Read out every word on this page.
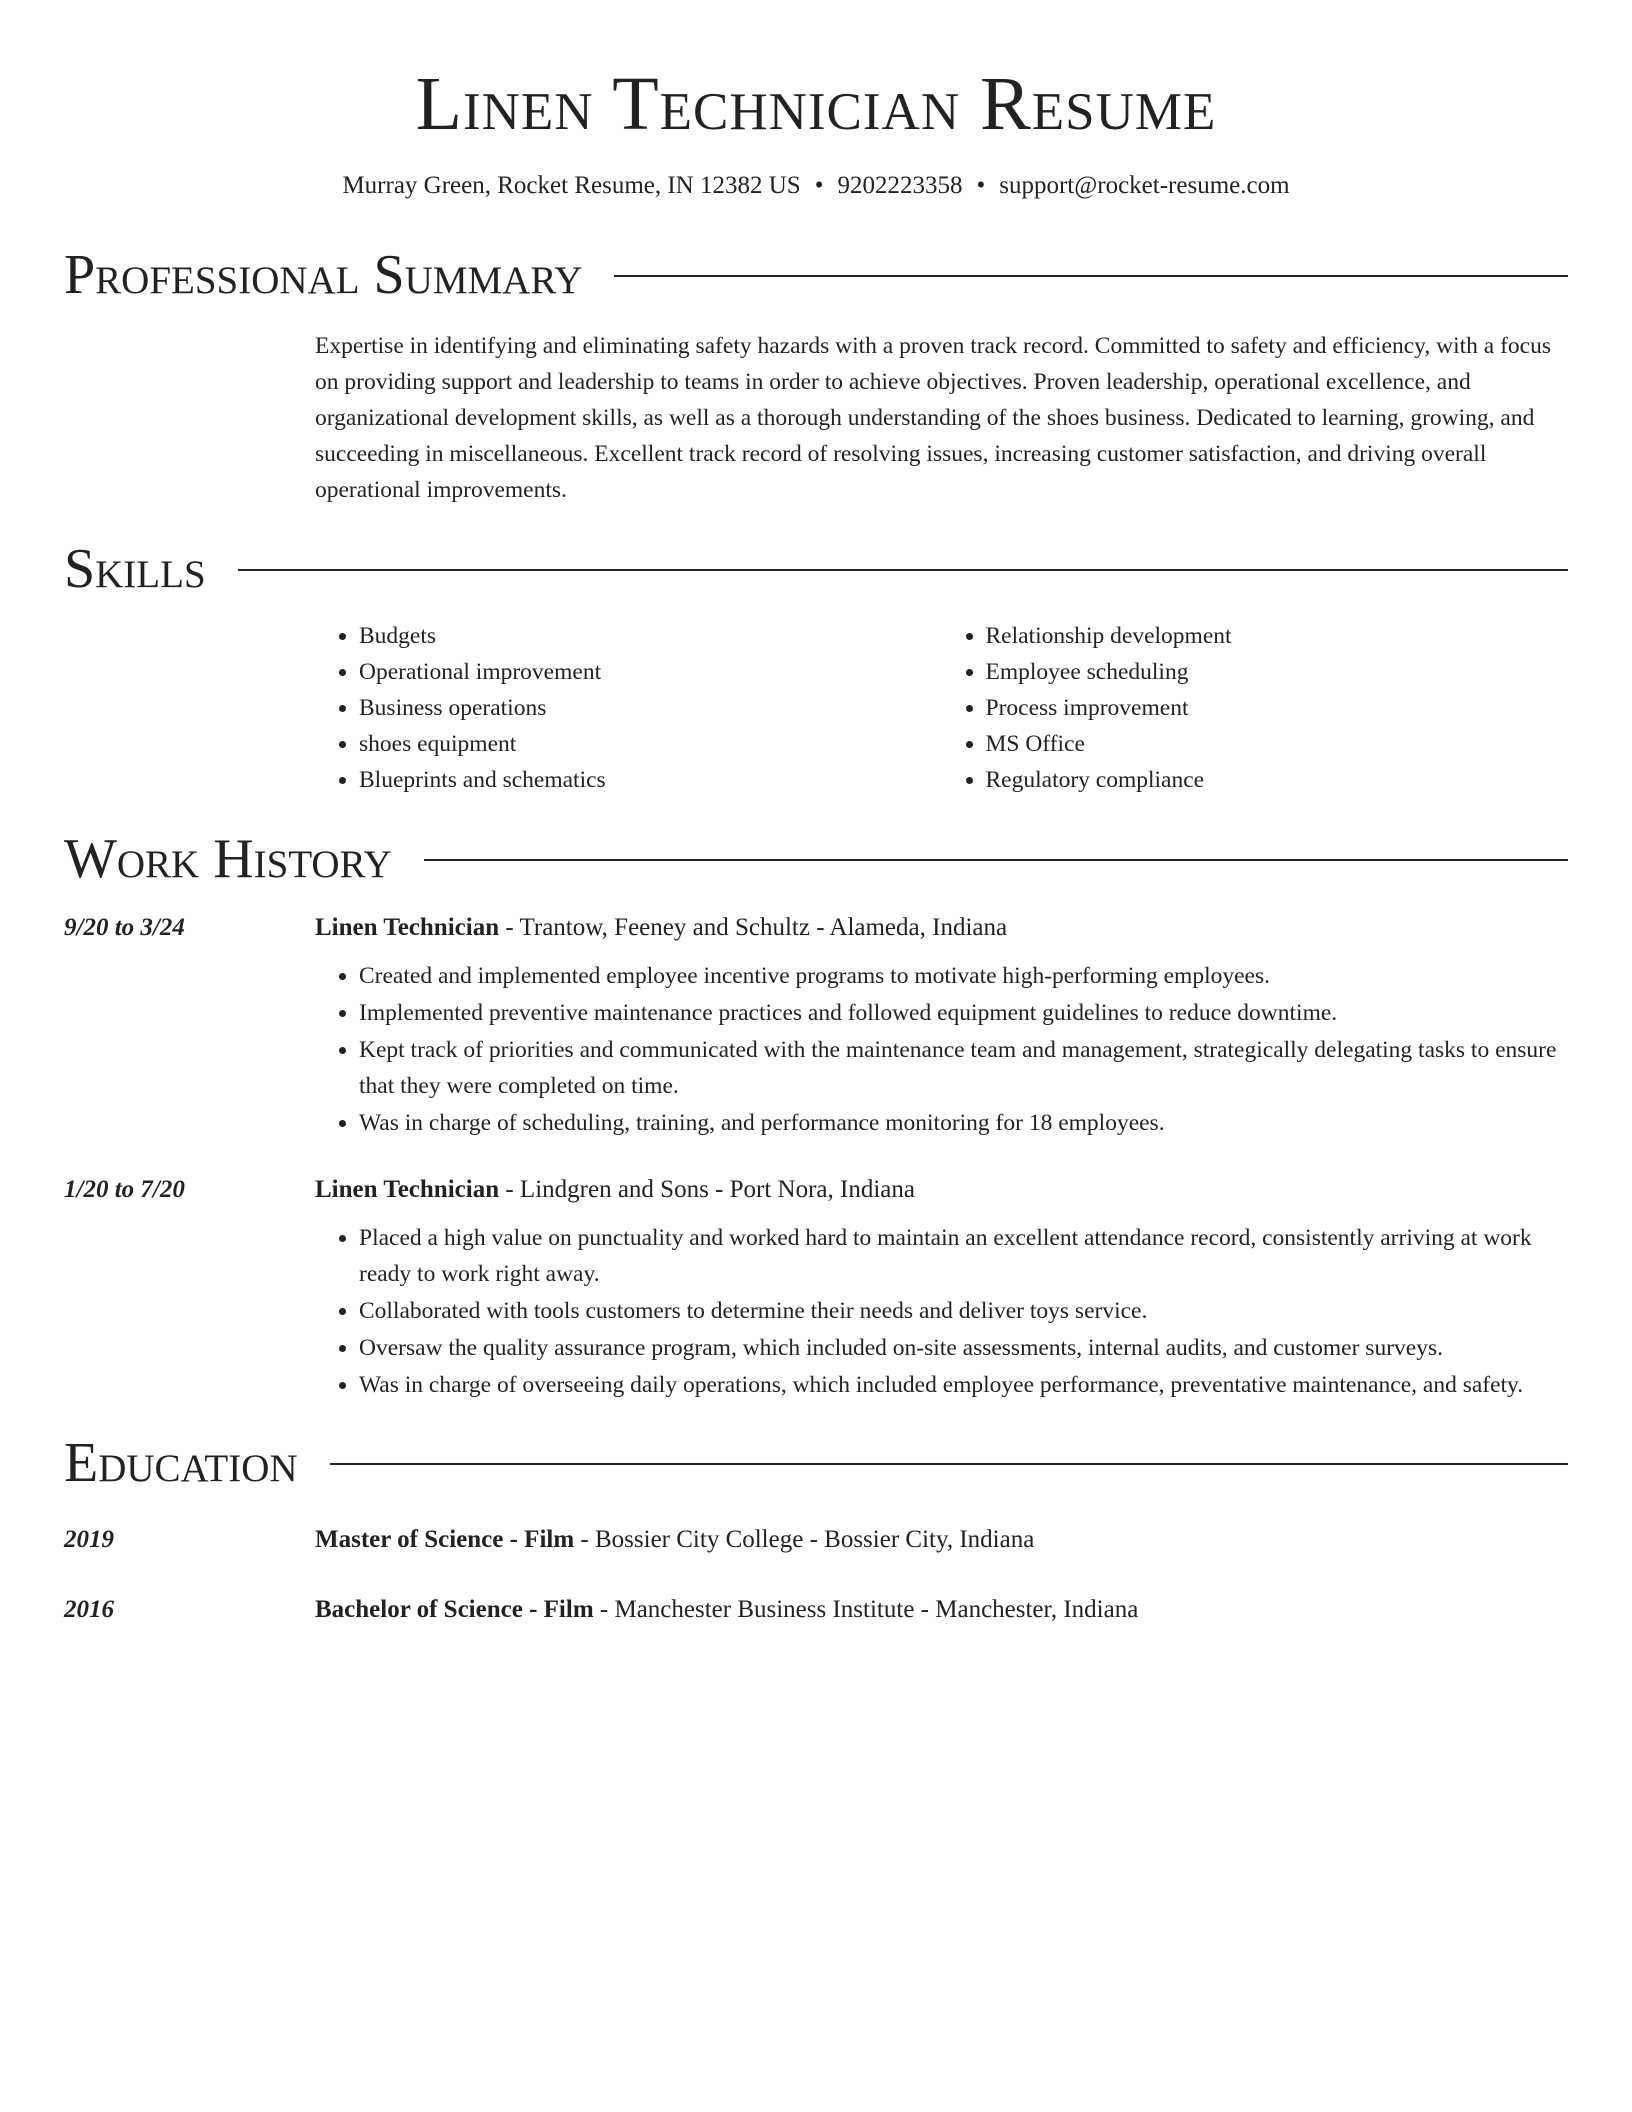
Linen Technician Resume
Murray Green, Rocket Resume, IN 12382 US • 9202223358 • support@rocket-resume.com
Professional Summary

Expertise in identifying and eliminating safety hazards with a proven track record. Committed to safety and efficiency, with a focus on providing support and leadership to teams in order to achieve objectives. Proven leadership, operational excellence, and organizational development skills, as well as a thorough understanding of the shoes business. Dedicated to learning, growing, and succeeding in miscellaneous. Excellent track record of resolving issues, increasing customer satisfaction, and driving overall operational improvements.

Skills
• Budgets
• Operational improvement
• Business operations
• shoes equipment
• Blueprints and schematics
• Relationship development
• Employee scheduling
• Process improvement
• MS Office
• Regulatory compliance
Work History
9/20 to 3/24	Linen Technician - Trantow, Feeney and Schultz - Alameda, Indiana
• Created and implemented employee incentive programs to motivate high-performing employees.
• Implemented preventive maintenance practices and followed equipment guidelines to reduce downtime.
• Kept track of priorities and communicated with the maintenance team and management, strategically delegating tasks to ensure that they were completed on time.
• Was in charge of scheduling, training, and performance monitoring for 18 employees.
1/20 to 7/20	Linen Technician - Lindgren and Sons - Port Nora, Indiana
• Placed a high value on punctuality and worked hard to maintain an excellent attendance record, consistently arriving at work ready to work right away.
• Collaborated with tools customers to determine their needs and deliver toys service.
• Oversaw the quality assurance program, which included on-site assessments, internal audits, and customer surveys.
• Was in charge of overseeing daily operations, which included employee performance, preventative maintenance, and safety.
Education
2019	Master of Science - Film - Bossier City College - Bossier City, Indiana
2016	Bachelor of Science - Film - Manchester Business Institute - Manchester, Indiana
